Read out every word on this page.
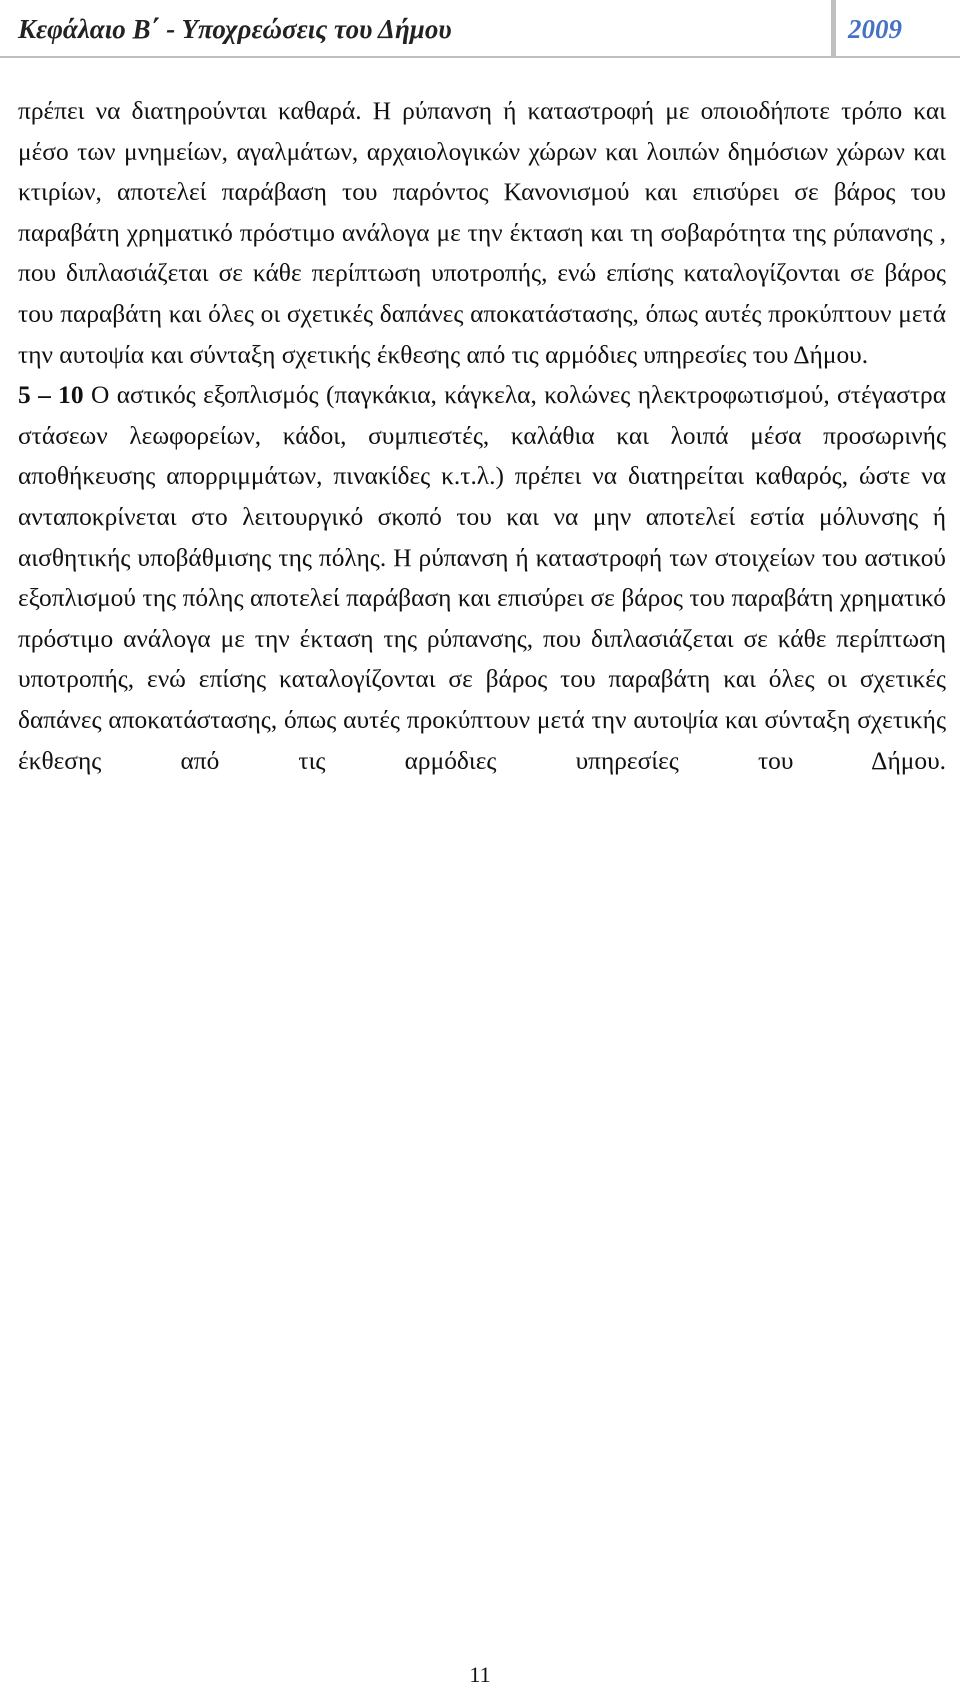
Κεφάλαιο Β΄ - Υποχρεώσεις του Δήμου	2009

πρέπει να διατηρούνται καθαρά. Η ρύπανση ή καταστροφή με οποιοδήποτε τρόπο και μέσο των μνημείων, αγαλμάτων, αρχαιολογικών χώρων και λοιπών δημόσιων χώρων και κτιρίων, αποτελεί παράβαση του παρόντος Κανονισμού και επισύρει σε βάρος του παραβάτη χρηματικό πρόστιμο ανάλογα με την έκταση και τη σοβαρότητα της ρύπανσης , που διπλασιάζεται σε κάθε περίπτωση υποτροπής, ενώ επίσης καταλογίζονται σε βάρος του παραβάτη και όλες οι σχετικές δαπάνες αποκατάστασης, όπως αυτές προκύπτουν μετά την αυτοψία και σύνταξη σχετικής έκθεσης από τις αρμόδιες υπηρεσίες του Δήμου.

5 – 10 Ο αστικός εξοπλισμός (παγκάκια, κάγκελα, κολώνες ηλεκτροφωτισμού, στέγαστρα στάσεων λεωφορείων, κάδοι, συμπιεστές, καλάθια και λοιπά μέσα προσωρινής αποθήκευσης απορριμμάτων, πινακίδες κ.τ.λ.) πρέπει να διατηρείται καθαρός, ώστε να ανταποκρίνεται στο λειτουργικό σκοπό του και να μην αποτελεί εστία μόλυνσης ή αισθητικής υποβάθμισης της πόλης. Η ρύπανση ή καταστροφή των στοιχείων του αστικού εξοπλισμού της πόλης αποτελεί παράβαση και επισύρει σε βάρος του παραβάτη χρηματικό πρόστιμο ανάλογα με την έκταση της ρύπανσης, που διπλασιάζεται σε κάθε περίπτωση υποτροπής, ενώ επίσης καταλογίζονται σε βάρος του παραβάτη και όλες οι σχετικές δαπάνες αποκατάστασης, όπως αυτές προκύπτουν μετά την αυτοψία και σύνταξη σχετικής έκθεσης από τις αρμόδιες υπηρεσίες του Δήμου.

11
